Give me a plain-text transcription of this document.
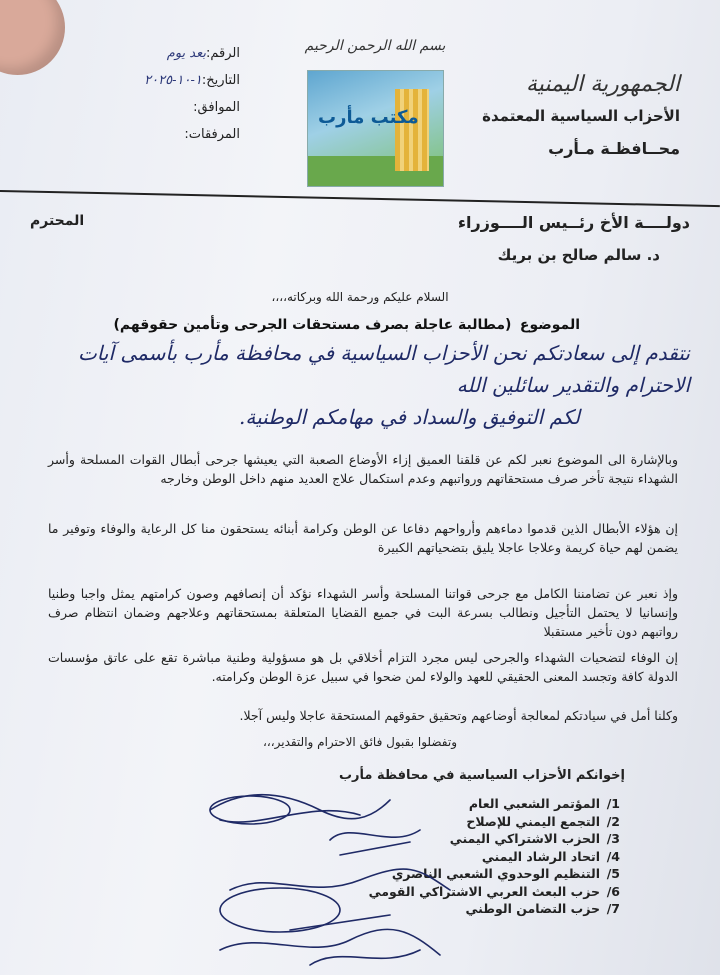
الجمهورية اليمنية
الأحزاب السياسية المعتمدة
محــافظـة مـأرب
بسم الله الرحمن الرحيم
مكتب مأرب
الرقم:بعد يوم
التاريخ:١-١٠-٢٠٢٥
الموافق:
المرفقات:
دولــــة الأخ رئــيس الــــوزراء
د. سالم صالح بن بريك
المحترم
السلام عليكم ورحمة الله وبركاته،،،،
الموضوع (مطالبة عاجلة بصرف مستحقات الجرحى وتأمين حقوقهم)
نتقدم إلى سعادتكم نحن الأحزاب السياسية في محافظة مأرب بأسمى آيات الاحترام والتقدير سائلين الله
لكم التوفيق والسداد في مهامكم الوطنية.
وبالإشارة الى الموضوع نعبر لكم عن قلقنا العميق إزاء الأوضاع الصعبة التي يعيشها جرحى أبطال القوات المسلحة وأسر الشهداء نتيجة تأخر صرف مستحقاتهم ورواتبهم وعدم استكمال علاج العديد منهم داخل الوطن وخارجه
إن هؤلاء الأبطال الذين قدموا دماءهم وأرواحهم دفاعا عن الوطن وكرامة أبنائه يستحقون منا كل الرعاية والوفاء وتوفير ما يضمن لهم حياة كريمة وعلاجا عاجلا يليق بتضحياتهم الكبيرة
وإذ نعبر عن تضامننا الكامل مع جرحى قواتنا المسلحة وأسر الشهداء نؤكد أن إنصافهم وصون كرامتهم يمثل واجبا وطنيا وإنسانيا لا يحتمل التأجيل ونطالب بسرعة البت في جميع القضايا المتعلقة بمستحقاتهم وعلاجهم وضمان انتظام صرف رواتبهم دون تأخير مستقبلا
إن الوفاء لتضحيات الشهداء والجرحى ليس مجرد التزام أخلاقي بل هو مسؤولية وطنية مباشرة تقع على عاتق مؤسسات الدولة كافة وتجسد المعنى الحقيقي للعهد والولاء لمن ضحوا في سبيل عزة الوطن وكرامته.
وكلنا أمل في سيادتكم لمعالجة أوضاعهم وتحقيق حقوقهم المستحقة عاجلا وليس آجلا.
وتفضلوا بقبول فائق الاحترام والتقدير،،،
إخوانكم الأحزاب السياسية في محافظة مأرب
1/المؤتمر الشعبي العام
2/التجمع اليمني للإصلاح
3/الحزب الاشتراكي اليمني
4/اتحاد الرشاد اليمني
5/التنظيم الوحدوي الشعبي الناصري
6/حزب البعث العربي الاشتراكي القومي
7/حزب التضامن الوطني
